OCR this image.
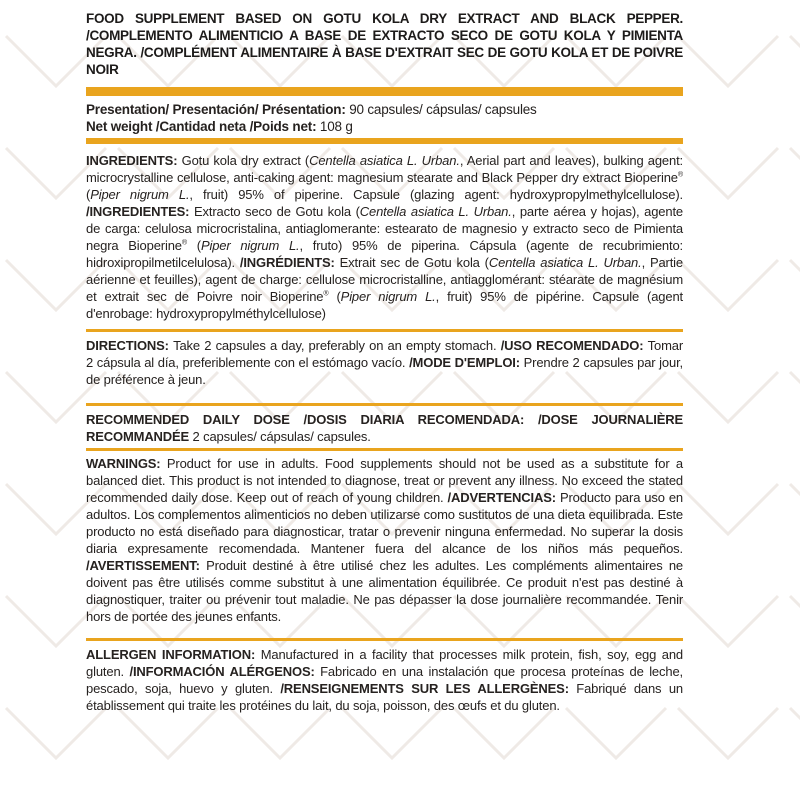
FOOD SUPPLEMENT BASED ON GOTU KOLA DRY EXTRACT AND BLACK PEPPER. /COMPLEMENTO ALIMENTICIO A BASE DE EXTRACTO SECO DE GOTU KOLA Y PIMIENTA NEGRA. /COMPLÉMENT ALIMENTAIRE À BASE D'EXTRAIT SEC DE GOTU KOLA ET DE POIVRE NOIR

Presentation/ Presentación/ Présentation: 90 capsules/ cápsulas/ capsules

Net weight /Cantidad neta /Poids net: 108 g

INGREDIENTS: Gotu kola dry extract (Centella asiatica L. Urban., Aerial part and leaves), bulking agent: microcrystalline cellulose, anti-caking agent: magnesium stearate and Black Pepper dry extract Bioperine® (Piper nigrum L., fruit) 95% of piperine. Capsule (glazing agent: hydroxypropylmethylcellulose). /INGREDIENTES: Extracto seco de Gotu kola (Centella asiatica L. Urban., parte aérea y hojas), agente de carga: celulosa microcristalina, antiaglomerante: estearato de magnesio y extracto seco de Pimienta negra Bioperine® (Piper nigrum L., fruto) 95% de piperina. Cápsula (agente de recubrimiento: hidroxipropilmetilcelulosa). /INGRÉDIENTS: Extrait sec de Gotu kola (Centella asiatica L. Urban., Partie aérienne et feuilles), agent de charge: cellulose microcristalline, antiagglomérant: stéarate de magnésium et extrait sec de Poivre noir Bioperine® (Piper nigrum L., fruit) 95% de pipérine. Capsule (agent d'enrobage: hydroxypropylméthylcellulose)

DIRECTIONS: Take 2 capsules a day, preferably on an empty stomach. /USO RECOMENDADO: Tomar 2 cápsula al día, preferiblemente con el estómago vacío. /MODE D'EMPLOI: Prendre 2 capsules par jour, de préférence à jeun.

RECOMMENDED DAILY DOSE /DOSIS DIARIA RECOMENDADA: /DOSE JOURNALIÈRE RECOMMANDÉE 2 capsules/ cápsulas/ capsules.

WARNINGS: Product for use in adults. Food supplements should not be used as a substitute for a balanced diet. This product is not intended to diagnose, treat or prevent any illness. No exceed the stated recommended daily dose. Keep out of reach of young children. /ADVERTENCIAS: Producto para uso en adultos. Los complementos alimenticios no deben utilizarse como sustitutos de una dieta equilibrada. Este producto no está diseñado para diagnosticar, tratar o prevenir ninguna enfermedad. No superar la dosis diaria expresamente recomendada. Mantener fuera del alcance de los niños más pequeños. /AVERTISSEMENT: Produit destiné à être utilisé chez les adultes. Les compléments alimentaires ne doivent pas être utilisés comme substitut à une alimentation équilibrée. Ce produit n'est pas destiné à diagnostiquer, traiter ou prévenir tout maladie. Ne pas dépasser la dose journalière recommandée. Tenir hors de portée des jeunes enfants.

ALLERGEN INFORMATION: Manufactured in a facility that processes milk protein, fish, soy, egg and gluten. /INFORMACIÓN ALÉRGENOS: Fabricado en una instalación que procesa proteínas de leche, pescado, soja, huevo y gluten. /RENSEIGNEMENTS SUR LES ALLERGÈNES: Fabriqué dans un établissement qui traite les protéines du lait, du soja, poisson, des œufs et du gluten.
